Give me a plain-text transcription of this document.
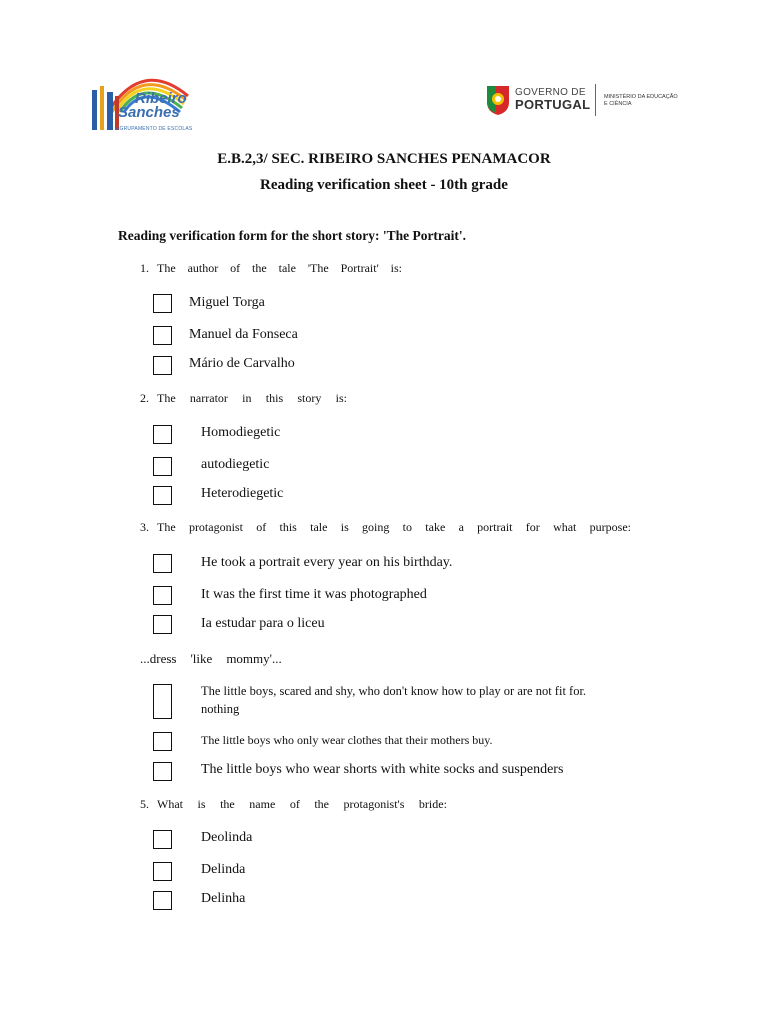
Ribeiro
Sanches
AGRUPAMENTO DE ESCOLAS
GOVERNO DE
PORTUGAL MINISTÉRIO DA EDUCAÇÃO
E CIÊNCIA
E.B.2,3/ SEC. RIBEIRO SANCHES PENAMACOR
Reading verification sheet - 10th grade
Reading verification form for the short story: 'The Portrait'.
1. The author of the tale 'The Portrait' is:
Miguel Torga
Manuel da Fonseca
Mário de Carvalho
2. The narrator in this story is:
Homodiegetic
autodiegetic
Heterodiegetic
3. The protagonist of this tale is going to take a portrait for what purpose:
He took a portrait every year on his birthday.
It was the first time it was photographed
Ia estudar para o liceu
...dress 'like mommy'...
The little boys, scared and shy, who don't know how to play or are not fit for.
nothing
The little boys who only wear clothes that their mothers buy.
The little boys who wear shorts with white socks and suspenders
5. What is the name of the protagonist's bride:
Deolinda
Delinda
Delinha
